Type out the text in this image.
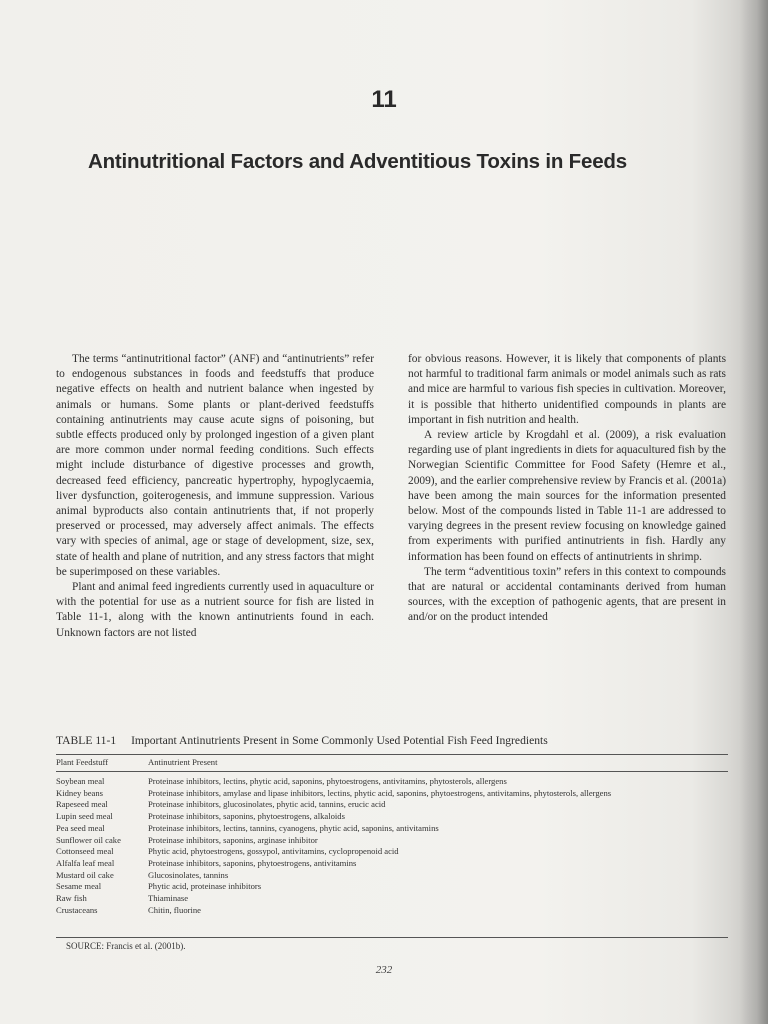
11
Antinutritional Factors and Adventitious Toxins in Feeds

The terms “antinutritional factor” (ANF) and “antinutrients” refer to endogenous substances in foods and feedstuffs that produce negative effects on health and nutrient balance when ingested by animals or humans. Some plants or plant-derived feedstuffs containing antinutrients may cause acute signs of poisoning, but subtle effects produced only by prolonged ingestion of a given plant are more common under normal feeding conditions. Such effects might include disturbance of digestive processes and growth, decreased feed efficiency, pancreatic hypertrophy, hypoglycaemia, liver dysfunction, goiterogenesis, and immune suppression. Various animal byproducts also contain antinutrients that, if not properly preserved or processed, may adversely affect animals. The effects vary with species of animal, age or stage of development, size, sex, state of health and plane of nutrition, and any stress factors that might be superimposed on these variables.

Plant and animal feed ingredients currently used in aquaculture or with the potential for use as a nutrient source for fish are listed in Table 11-1, along with the known antinutrients found in each. Unknown factors are not listed

for obvious reasons. However, it is likely that components of plants not harmful to traditional farm animals or model animals such as rats and mice are harmful to various fish species in cultivation. Moreover, it is possible that hitherto unidentified compounds in plants are important in fish nutrition and health.

A review article by Krogdahl et al. (2009), a risk evaluation regarding use of plant ingredients in diets for aquacultured fish by the Norwegian Scientific Committee for Food Safety (Hemre et al., 2009), and the earlier comprehensive review by Francis et al. (2001a) have been among the main sources for the information presented below. Most of the compounds listed in Table 11-1 are addressed to varying degrees in the present review focusing on knowledge gained from experiments with purified antinutrients in fish. Hardly any information has been found on effects of antinutrients in shrimp.

The term “adventitious toxin” refers in this context to compounds that are natural or accidental contaminants derived from human sources, with the exception of pathogenic agents, that are present in and/or on the product intended

TABLE 11-1 Important Antinutrients Present in Some Commonly Used Potential Fish Feed Ingredients
Plant Feedstuff	Antinutrient Present
Soybean meal	Proteinase inhibitors, lectins, phytic acid, saponins, phytoestrogens, antivitamins, phytosterols, allergens
Kidney beans	Proteinase inhibitors, amylase and lipase inhibitors, lectins, phytic acid, saponins, phytoestrogens, antivitamins, phytosterols, allergens
Rapeseed meal	Proteinase inhibitors, glucosinolates, phytic acid, tannins, erucic acid
Lupin seed meal	Proteinase inhibitors, saponins, phytoestrogens, alkaloids
Pea seed meal	Proteinase inhibitors, lectins, tannins, cyanogens, phytic acid, saponins, antivitamins
Sunflower oil cake	Proteinase inhibitors, saponins, arginase inhibitor
Cottonseed meal	Phytic acid, phytoestrogens, gossypol, antivitamins, cyclopropenoid acid
Alfalfa leaf meal	Proteinase inhibitors, saponins, phytoestrogens, antivitamins
Mustard oil cake	Glucosinolates, tannins
Sesame meal	Phytic acid, proteinase inhibitors
Raw fish	Thiaminase
Crustaceans	Chitin, fluorine
SOURCE: Francis et al. (2001b).
232
